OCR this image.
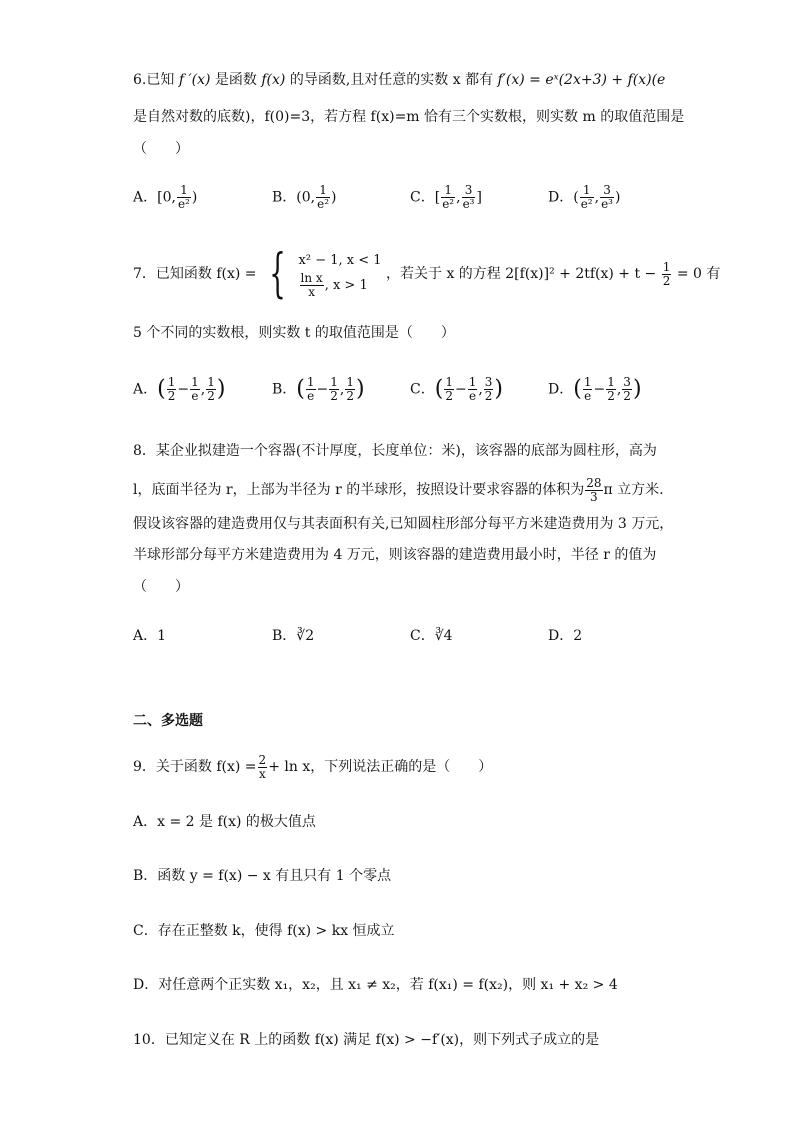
6.已知 f ′(x) 是函数 f(x) 的导函数,且对任意的实数 x 都有 f′(x) = eˣ(2x+3) + f(x)(e
是自然对数的底数)，f(0)=3，若方程 f(x)=m 恰有三个实数根，则实数 m 的取值范围是
（　　）
A．[0, $\frac{1}{\text{e²}}$ )	B．(0, $\frac{1}{\text{e²}}$ )	C．[ $\frac{1}{\text{e²}}$ , $\frac{3}{\text{e³}}$ ]	D．( $\frac{1}{\text{e²}}$ , $\frac{3}{\text{e³}}$ )
7．已知函数 f(x) = { x² − 1, x < 1
$\frac{\text{ln x}}{x}$ , x > 1
，若关于 x 的方程 $2[f(x)]^2 + 2tf(x) + t - \frac{1}{2} = 0$ 有
5 个不同的实数根，则实数 t 的取值范围是（　　）
A．( $\frac{1}{2} - \frac{1}{e}$ , $\frac{1}{2}$ )	B．( $\frac{1}{e} - \frac{1}{2}$ , $\frac{1}{2}$ )	C．( $\frac{1}{2} - \frac{1}{e}$ , $\frac{3}{2}$ )	D．( $\frac{1}{e} - \frac{1}{2}$ , $\frac{3}{2}$ )
8．某企业拟建造一个容器(不计厚度，长度单位：米)，该容器的底部为圆柱形，高为
l，底面半径为 r，上部为半径为 r 的半球形，按照设计要求容器的体积为 $\frac{28}{3}$ π 立方米.
假设该容器的建造费用仅与其表面积有关,已知圆柱形部分每平方米建造费用为 3 万元，
半球形部分每平方米建造费用为 4 万元，则该容器的建造费用最小时，半径 r 的值为
（　　）
A．1	B．∛2	C．∛4	D．2
二、多选题
9．关于函数 $f(x) = \frac{2}{x} + \ln x$，下列说法正确的是（　　）
A．x = 2 是 f(x) 的极大值点
B．函数 y = f(x) − x 有且只有 1 个零点
C．存在正整数 k，使得 f(x) > kx 恒成立
D．对任意两个正实数 x₁，x₂，且 x₁ ≠ x₂，若 f(x₁) = f(x₂)，则 x₁ + x₂ > 4
10．已知定义在 R 上的函数 f(x) 满足 f(x) > −f′(x)，则下列式子成立的是
